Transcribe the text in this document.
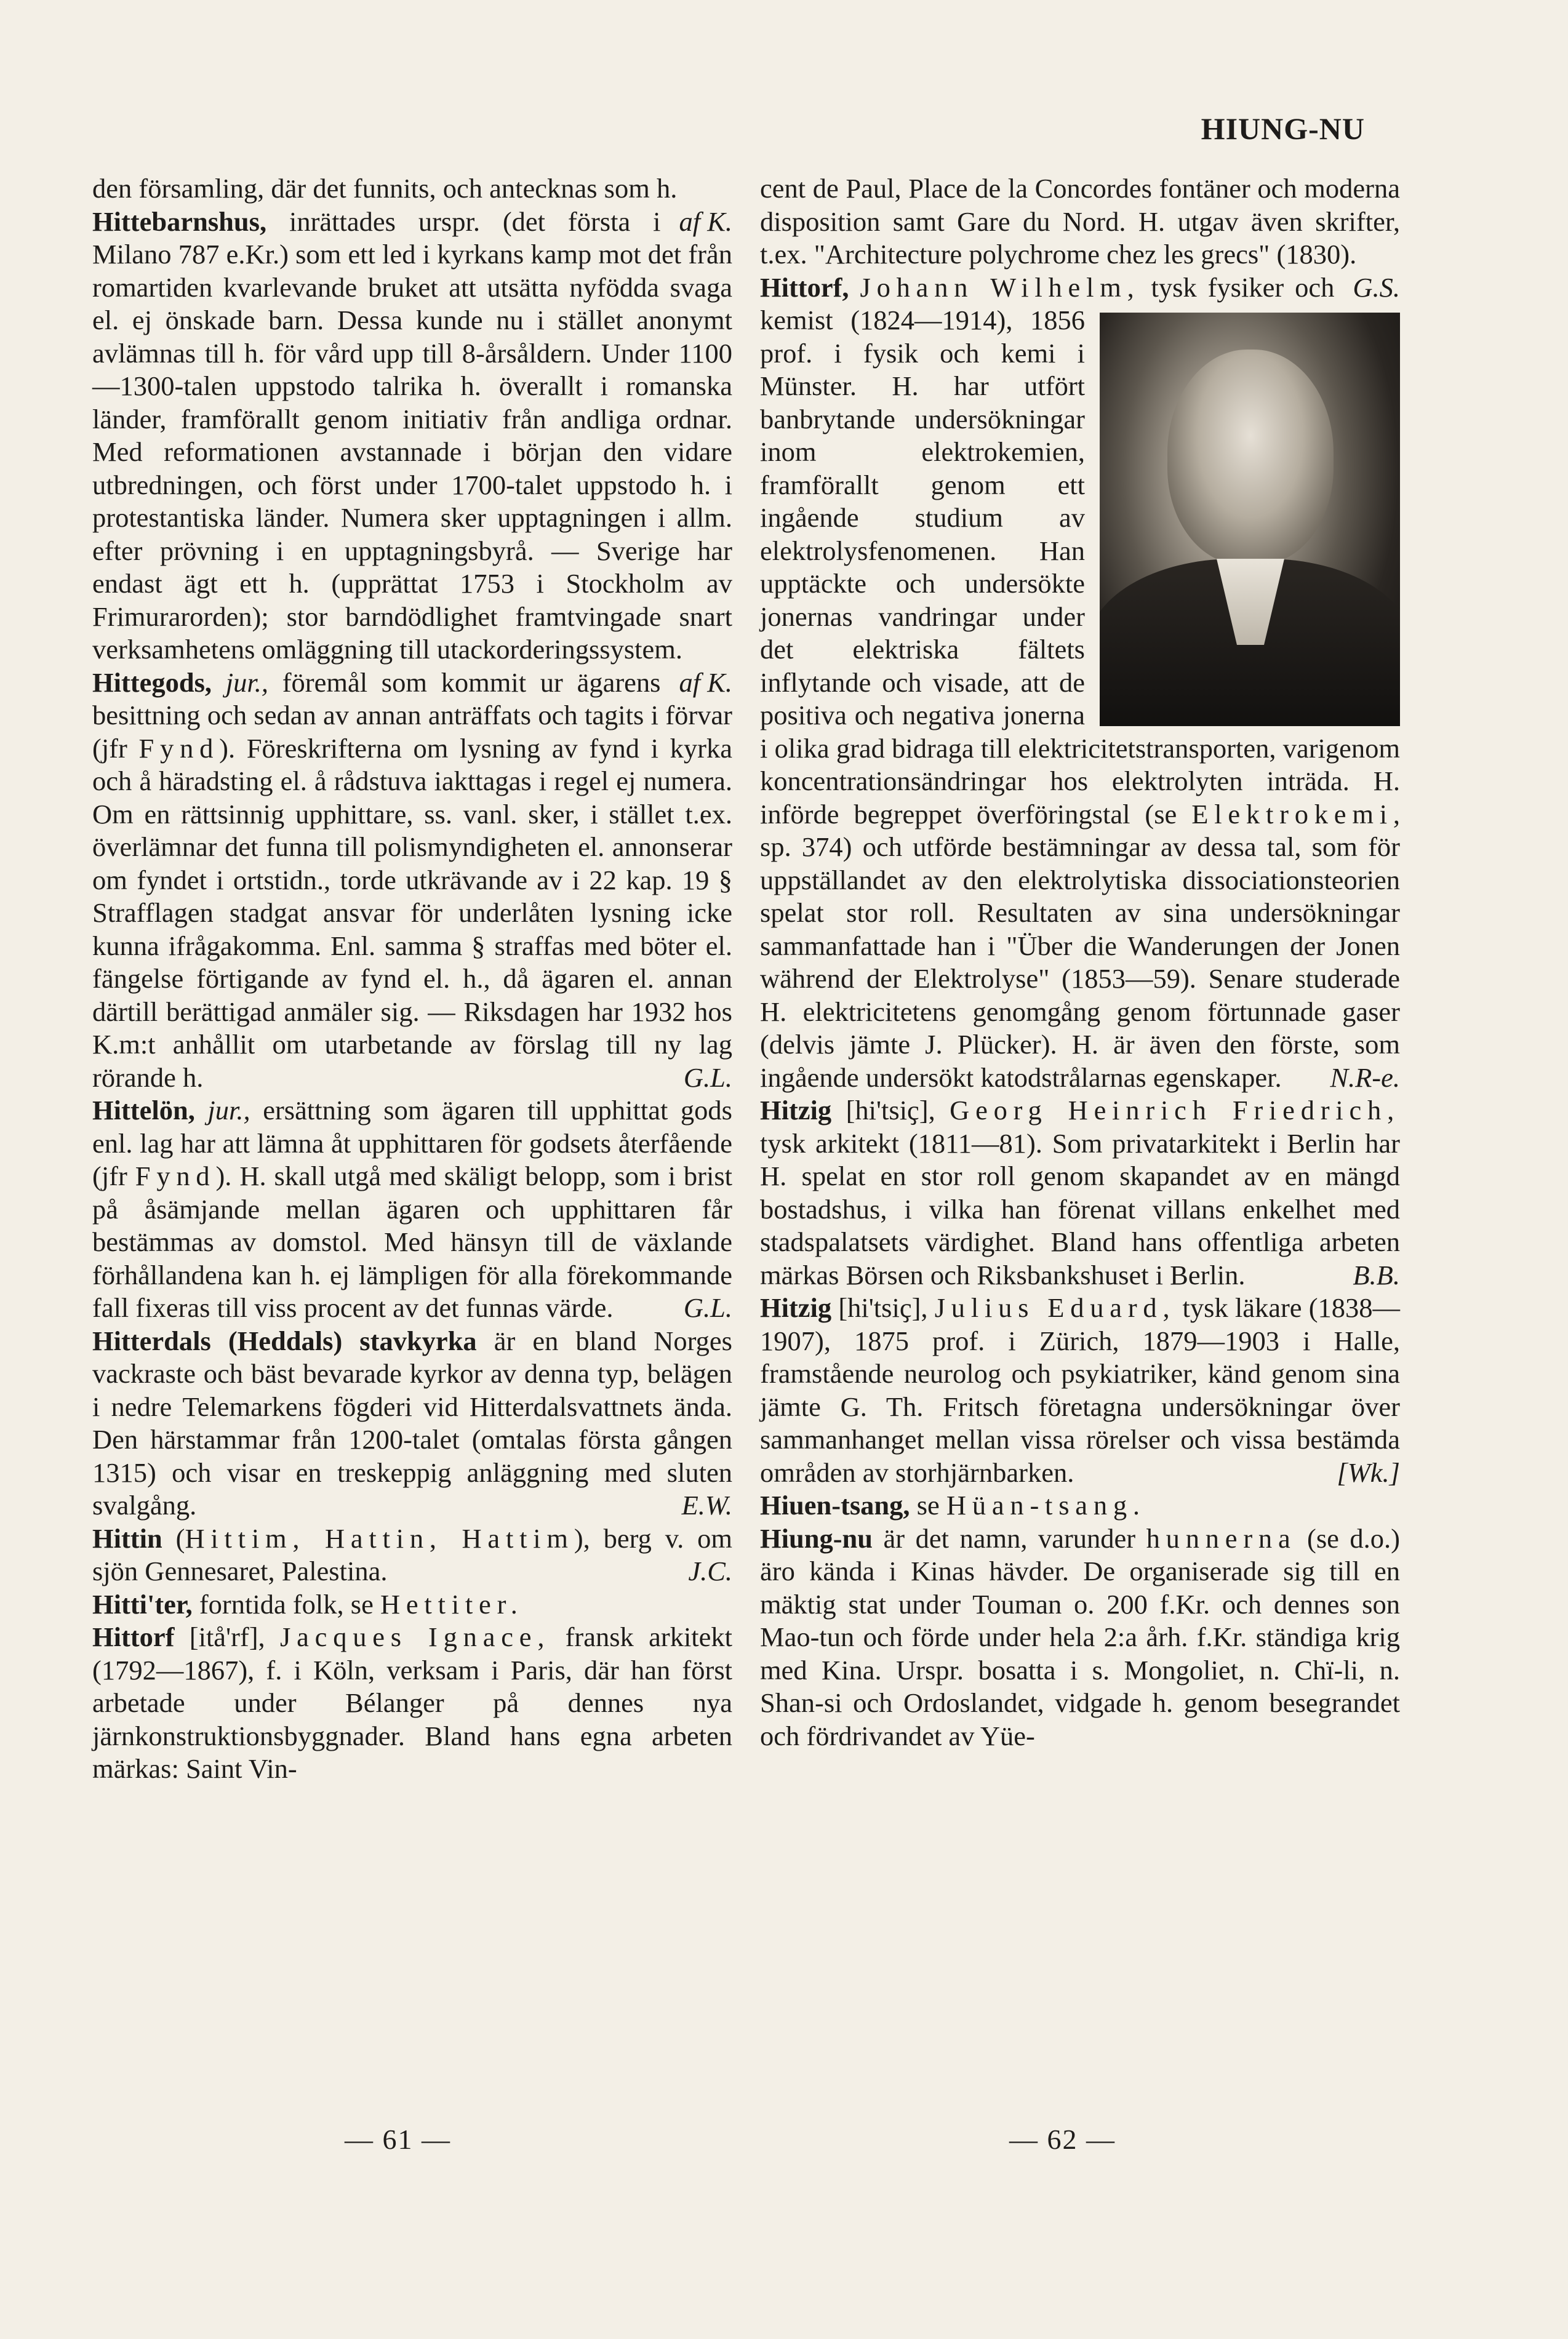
HIUNG-NU

den församling, där det funnits, och antecknas som h.
af K.

Hittebarnshus, inrättades urspr. (det första i Milano 787 e.Kr.) som ett led i kyrkans kamp mot det från romartiden kvarlevande bruket att utsätta nyfödda svaga el. ej önskade barn. Dessa kunde nu i stället anonymt avlämnas till h. för vård upp till 8-årsåldern. Under 1100—1300-talen uppstodo talrika h. överallt i romanska länder, framförallt genom initiativ från andliga ordnar. Med reformationen avstannade i början den vidare utbredningen, och först under 1700-talet uppstodo h. i protestantiska länder. Numera sker upptagningen i allm. efter prövning i en upptagningsbyrå. — Sverige har endast ägt ett h. (upprättat 1753 i Stockholm av Frimurarorden); stor barndödlighet framtvingade snart verksamhetens omläggning till utackorderingssystem.
af K.

Hittegods, jur., föremål som kommit ur ägarens besittning och sedan av annan anträffats och tagits i förvar (jfr Fynd). Föreskrifterna om lysning av fynd i kyrka och å häradsting el. å rådstuva iakttagas i regel ej numera. Om en rättsinnig upphittare, ss. vanl. sker, i stället t.ex. överlämnar det funna till polismyndigheten el. annonserar om fyndet i ortstidn., torde utkrävande av i 22 kap. 19 § Strafflagen stadgat ansvar för underlåten lysning icke kunna ifrågakomma. Enl. samma § straffas med böter el. fängelse förtigande av fynd el. h., då ägaren el. annan därtill berättigad anmäler sig. — Riksdagen har 1932 hos K.m:t anhållit om utarbetande av förslag till ny lag rörande h.	G.L.

Hittelön, jur., ersättning som ägaren till upphittat gods enl. lag har att lämna åt upphittaren för godsets återfående (jfr Fynd). H. skall utgå med skäligt belopp, som i brist på åsämjande mellan ägaren och upphittaren får bestämmas av domstol. Med hänsyn till de växlande förhållandena kan h. ej lämpligen för alla förekommande fall fixeras till viss procent av det funnas värde.	G.L.

Hitterdals (Heddals) stavkyrka är en bland Norges vackraste och bäst bevarade kyrkor av denna typ, belägen i nedre Telemarkens fögderi vid Hitterdalsvattnets ända. Den härstammar från 1200-talet (omtalas första gången 1315) och visar en treskeppig anläggning med sluten svalgång.	E.W.

Hittin (Hittim, Hattin, Hattim), berg v. om sjön Gennesaret, Palestina.	J.C.

Hitti'ter, forntida folk, se Hettiter.

Hittorf [itå'rf], Jacques Ignace, fransk arkitekt (1792—1867), f. i Köln, verksam i Paris, där han först arbetade under Bélanger på dennes nya järnkonstruktionsbyggnader. Bland hans egna arbeten märkas: Saint Vin-

cent de Paul, Place de la Concordes fontäner och moderna disposition samt Gare du Nord. H. utgav även skrifter, t.ex. "Architecture polychrome chez les grecs" (1830).
G.S.

Hittorf, Johann Wilhelm, tysk fysiker och kemist (1824—1914), 1856 prof. i fysik och kemi i Münster. H. har utfört banbrytande undersökningar inom elektrokemien, framförallt genom ett ingående studium av elektrolysfenomenen. Han upptäckte och undersökte jonernas vandringar under det elektriska fältets inflytande och visade, att de positiva och negativa jonerna i olika grad bidraga till elektricitetstransporten, varigenom koncentrationsändringar hos elektrolyten inträda. H. införde begreppet överföringstal (se Elektrokemi, sp. 374) och utförde bestämningar av dessa tal, som för uppställandet av den elektrolytiska dissociationsteorien spelat stor roll. Resultaten av sina undersökningar sammanfattade han i "Über die Wanderungen der Jonen während der Elektrolyse" (1853—59). Senare studerade H. elektricitetens genomgång genom förtunnade gaser (delvis jämte J. Plücker). H. är även den förste, som ingående undersökt katodstrålarnas egenskaper. N.R-e.

Hitzig [hi'tsiҫ], Georg Heinrich Friedrich, tysk arkitekt (1811—81). Som privatarkitekt i Berlin har H. spelat en stor roll genom skapandet av en mängd bostadshus, i vilka han förenat villans enkelhet med stadspalatsets värdighet. Bland hans offentliga arbeten märkas Börsen och Riksbankshuset i Berlin.	B.B.

Hitzig [hi'tsiҫ], Julius Eduard, tysk läkare (1838—1907), 1875 prof. i Zürich, 1879—1903 i Halle, framstående neurolog och psykiatriker, känd genom sina jämte G. Th. Fritsch företagna undersökningar över sammanhanget mellan vissa rörelser och vissa bestämda områden av storhjärnbarken.	[Wk.]

Hiuen-tsang, se Hüan-tsang.

Hiung-nu är det namn, varunder hunnerna (se d.o.) äro kända i Kinas hävder. De organiserade sig till en mäktig stat under Touman o. 200 f.Kr. och dennes son Mao-tun och förde under hela 2:a årh. f.Kr. ständiga krig med Kina. Urspr. bosatta i s. Mongoliet, n. Chï-li, n. Shan-si och Ordoslandet, vidgade h. genom besegrandet och fördrivandet av Yüe-

— 61 —	— 62 —
